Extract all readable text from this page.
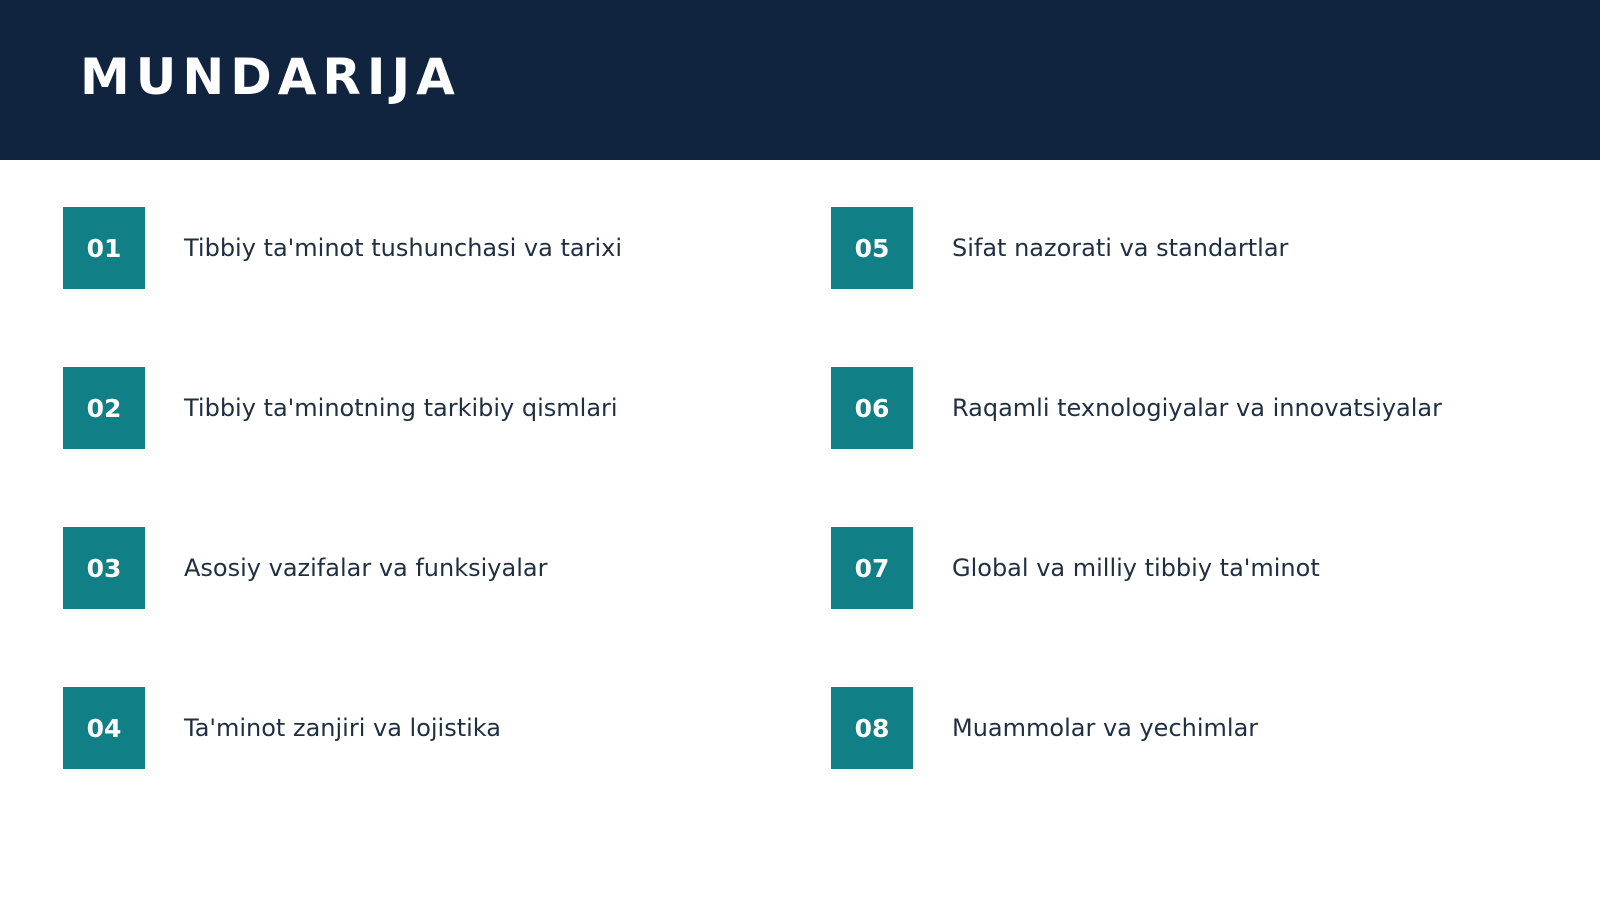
MUNDARIJA
01	Tibbiy ta'minot tushunchasi va tarixi
02	Tibbiy ta'minotning tarkibiy qismlari
03	Asosiy vazifalar va funksiyalar
04	Ta'minot zanjiri va lojistika
05	Sifat nazorati va standartlar
06	Raqamli texnologiyalar va innovatsiyalar
07	Global va milliy tibbiy ta'minot
08	Muammolar va yechimlar
